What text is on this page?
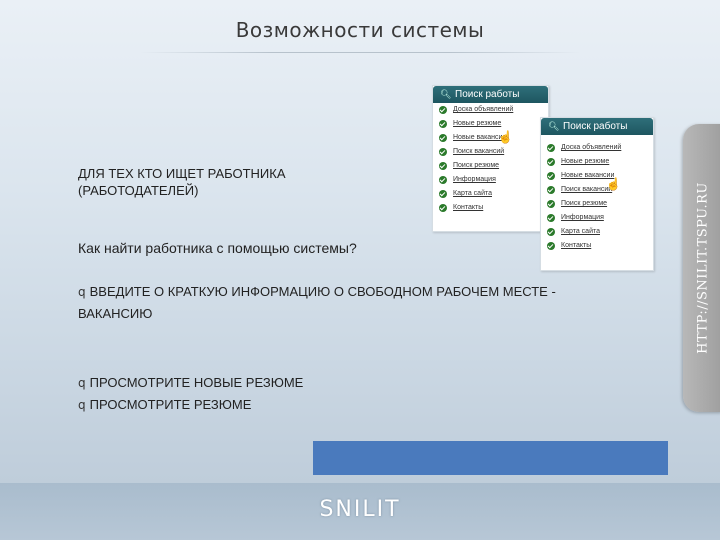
Возможности системы
ДЛЯ ТЕХ КТО ИЩЕТ РАБОТНИКА (РАБОТОДАТЕЛЕЙ)
Как найти работника с помощью системы?
q ВВЕДИТЕ О КРАТКУЮ ИНФОРМАЦИЮ О СВОБОДНОМ РАБОЧЕМ МЕСТЕ - ВАКАНСИЮ
q ПРОСМОТРИТЕ НОВЫЕ РЕЗЮМЕ
q ПРОСМОТРИТЕ РЕЗЮМЕ
🔍︎ Поиск работы
Доска объявлений
Новые резюме
Новые вакансии
Поиск вакансий
Поиск резюме
Информация
Карта сайта
Контакты
☝
🔍︎ Поиск работы
Доска объявлений
Новые резюме
Новые вакансии
Поиск вакансий
Поиск резюме
Информация
Карта сайта
Контакты
☝	HTTP://SNILIT.TSPU.RU
SNILIT
